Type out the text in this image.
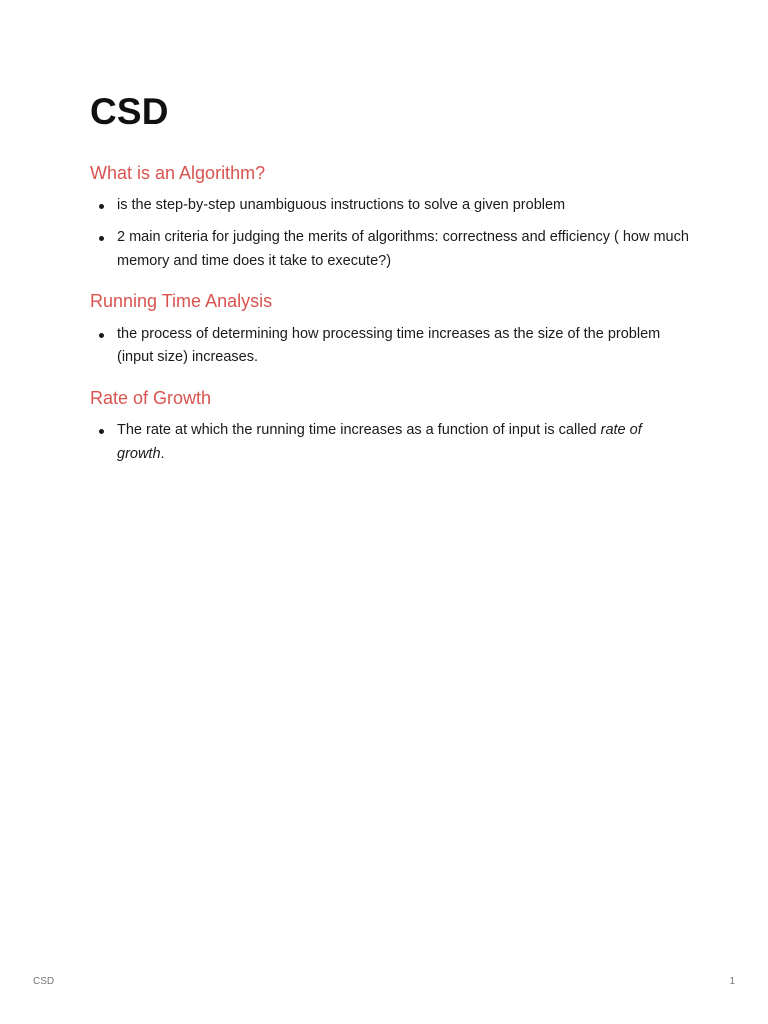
CSD
What is an Algorithm?
is the step-by-step unambiguous instructions to solve a given problem
2 main criteria for judging the merits of algorithms: correctness and efficiency ( how much memory and time does it take to execute?)
Running Time Analysis
the process of determining how processing time increases as the size of the problem (input size) increases.
Rate of Growth
The rate at which the running time increases as a function of input is called rate of growth.
CSD	1
